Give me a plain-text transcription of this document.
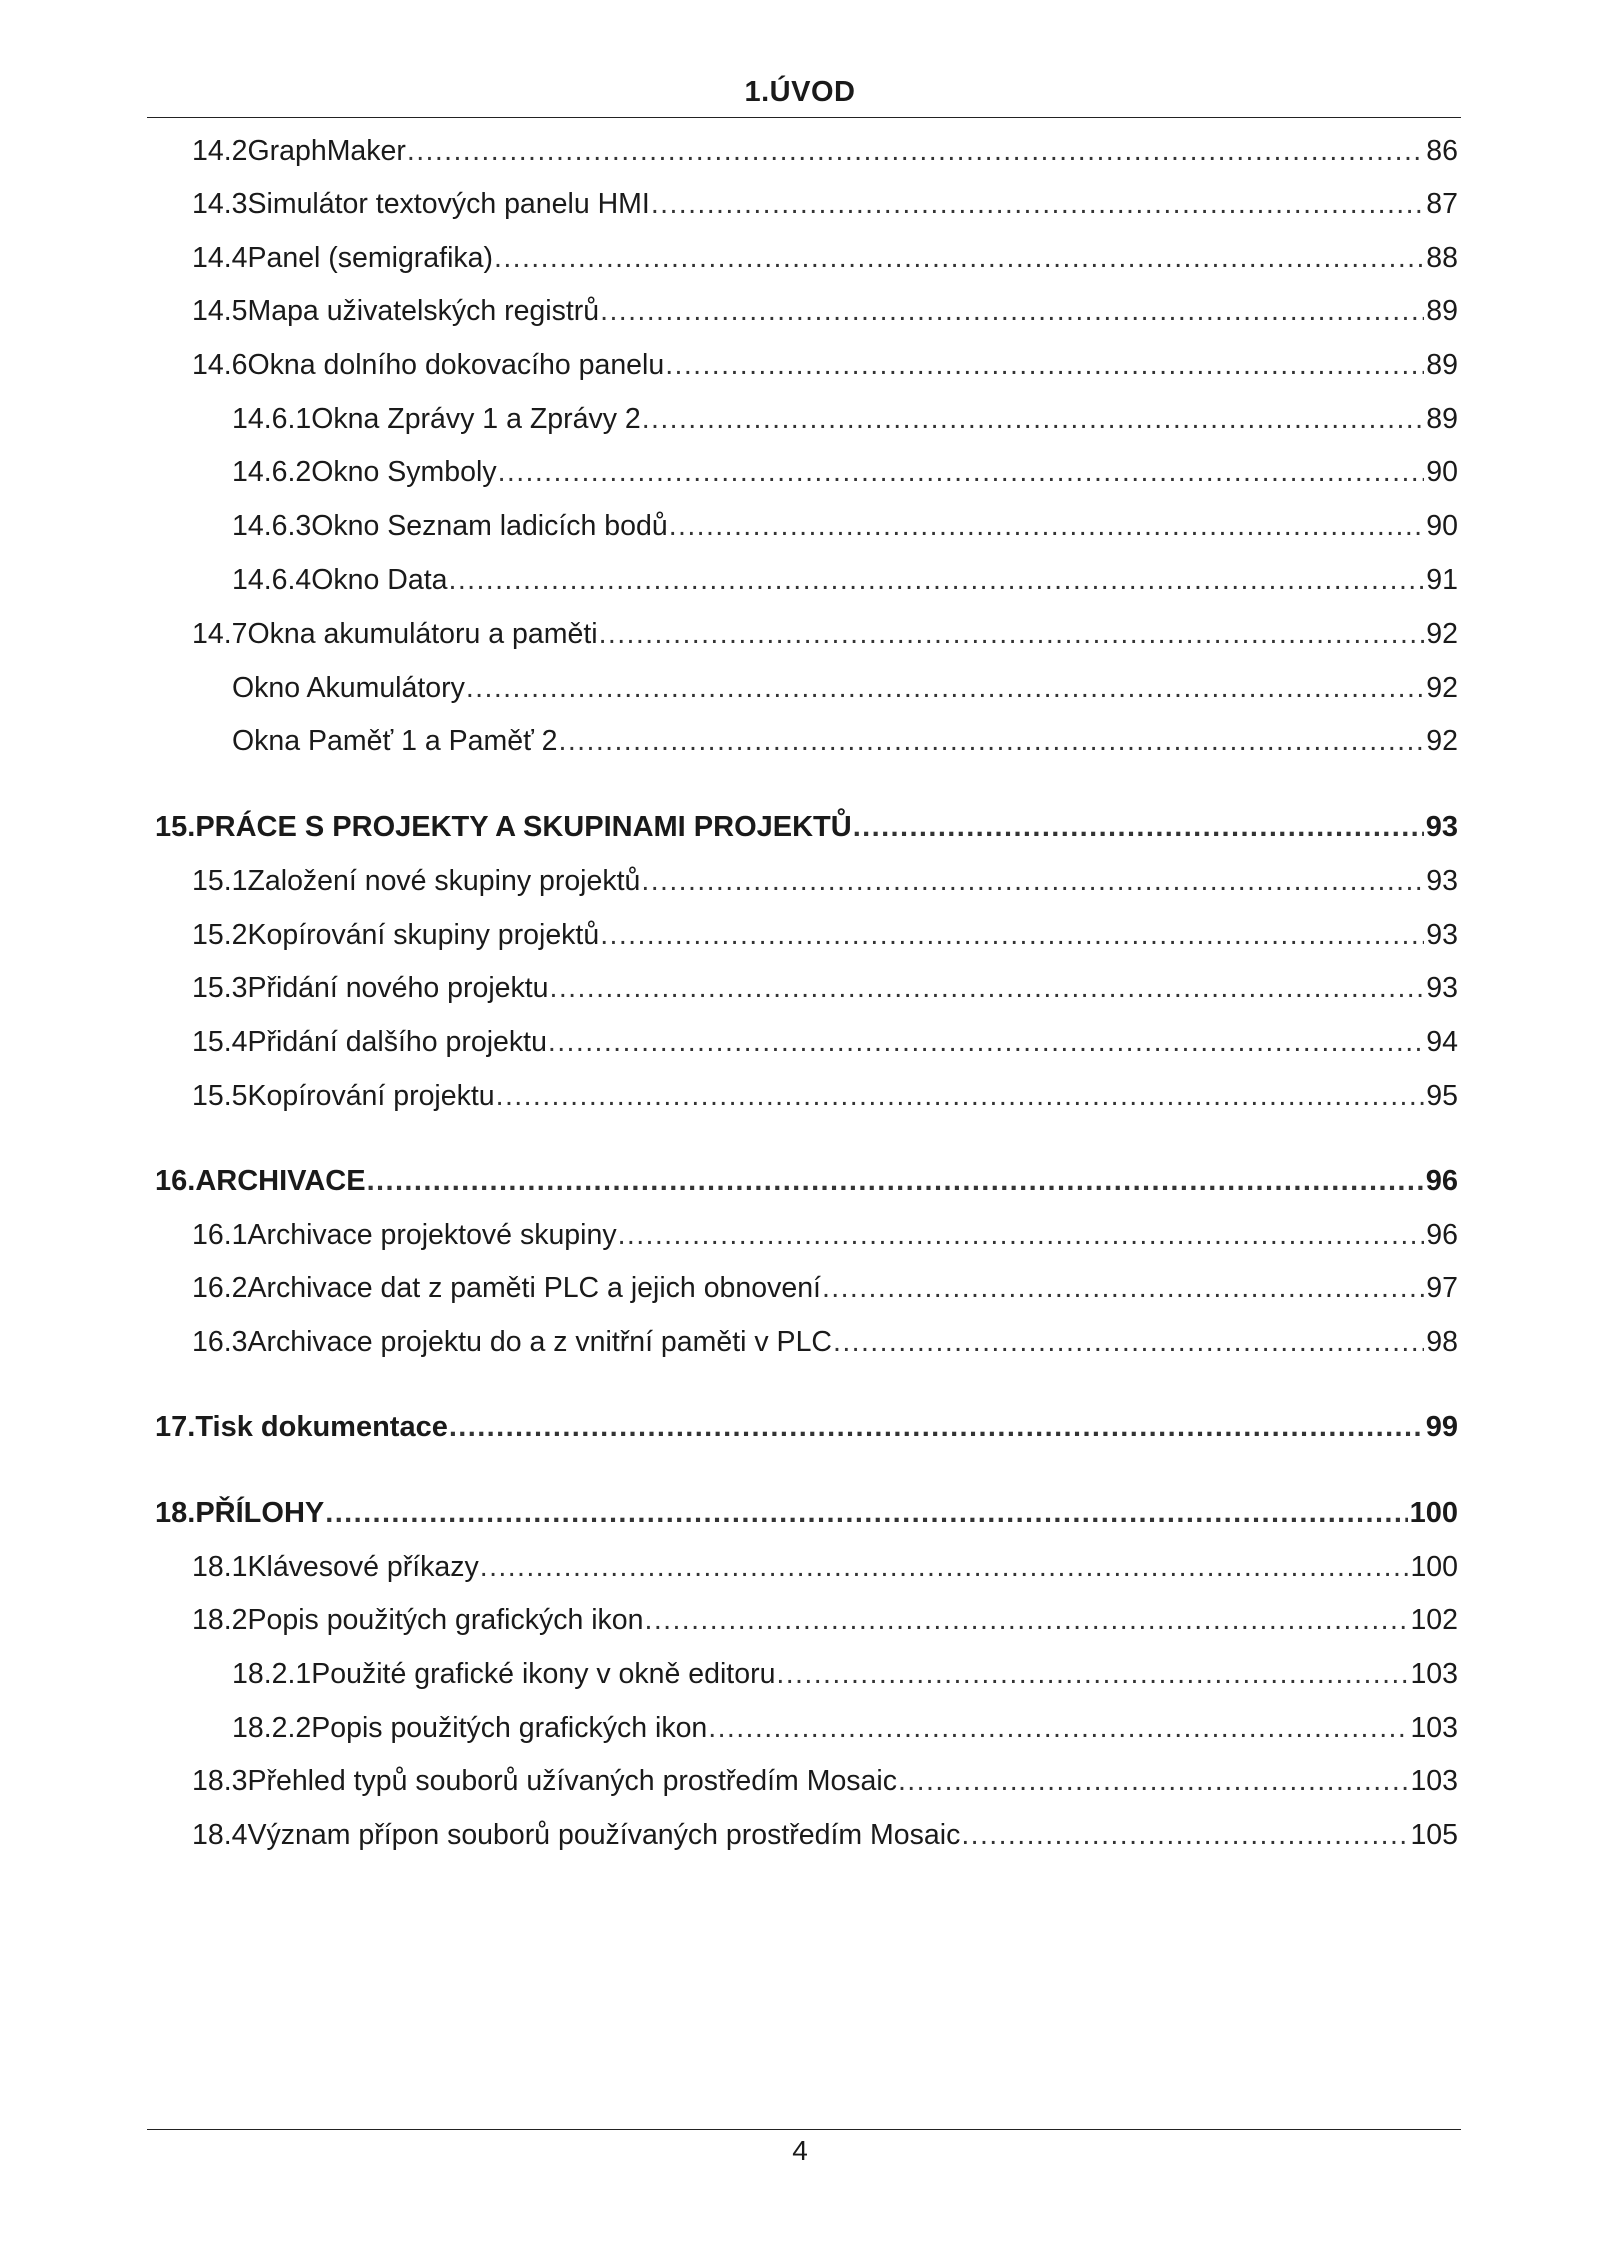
1.ÚVOD
14.2 GraphMaker .....	86
14.3 Simulátor textových panelu HMI .....	87
14.4 Panel (semigrafika) .....	88
14.5 Mapa uživatelských registrů .....	89
14.6 Okna dolního dokovacího panelu .....	89
14.6.1 Okna Zprávy 1 a Zprávy 2 .....	89
14.6.2 Okno Symboly .....	90
14.6.3 Okno Seznam ladicích bodů .....	90
14.6.4 Okno Data .....	91
14.7 Okna akumulátoru a paměti .....	92
Okno Akumulátory .....	92
Okna Paměť 1 a Paměť 2 .....	92
15. PRÁCE S PROJEKTY A SKUPINAMI PROJEKTŮ .....	93
15.1 Založení nové skupiny projektů .....	93
15.2 Kopírování skupiny projektů .....	93
15.3 Přidání nového projektu .....	93
15.4 Přidání dalšího projektu .....	94
15.5 Kopírování projektu .....	95
16. ARCHIVACE .....	96
16.1 Archivace projektové skupiny .....	96
16.2 Archivace dat z paměti PLC a jejich obnovení .....	97
16.3 Archivace projektu do a z vnitřní paměti v PLC .....	98
17. Tisk dokumentace .....	99
18. PŘÍLOHY .....	100
18.1 Klávesové příkazy .....	100
18.2 Popis použitých grafických ikon .....	102
18.2.1 Použité grafické ikony v okně editoru .....	103
18.2.2 Popis použitých grafických ikon .....	103
18.3 Přehled typů souborů užívaných prostředím Mosaic .....	103
18.4 Význam přípon souborů používaných prostředím Mosaic .....	105
4
